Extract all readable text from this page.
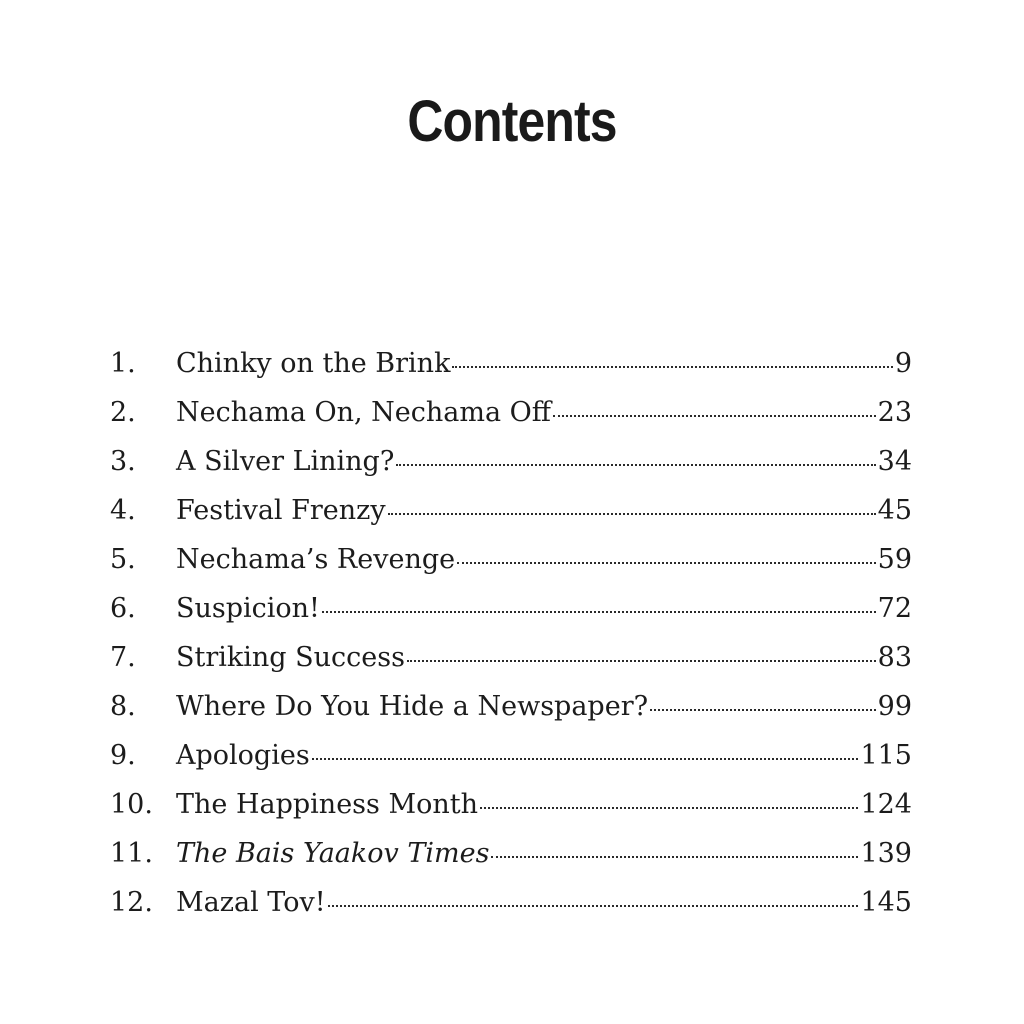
Contents
1.	Chinky on the Brink	9
2.	Nechama On, Nechama Off	23
3.	A Silver Lining?	34
4.	Festival Frenzy	45
5.	Nechama’s Revenge	59
6.	Suspicion!	72
7.	Striking Success	83
8.	Where Do You Hide a Newspaper?	99
9.	Apologies	115
10. The Happiness Month	124
11. The Bais Yaakov Times	139
12. Mazal Tov!	145
